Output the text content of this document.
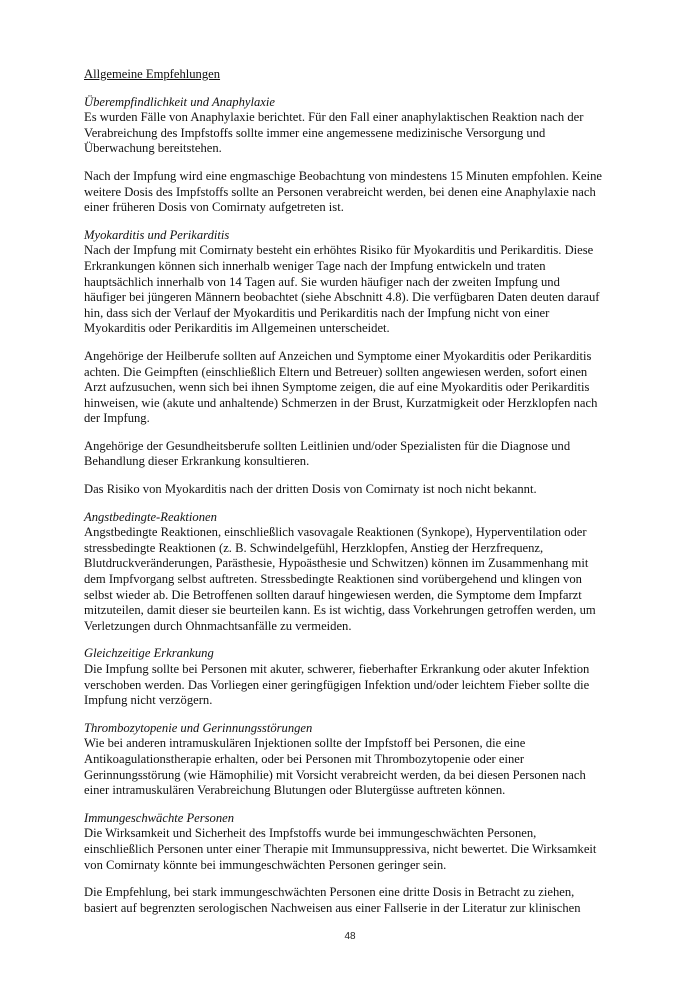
Allgemeine Empfehlungen
Überempfindlichkeit und Anaphylaxie
Es wurden Fälle von Anaphylaxie berichtet. Für den Fall einer anaphylaktischen Reaktion nach der
Verabreichung des Impfstoffs sollte immer eine angemessene medizinische Versorgung und
Überwachung bereitstehen.
Nach der Impfung wird eine engmaschige Beobachtung von mindestens 15 Minuten empfohlen. Keine
weitere Dosis des Impfstoffs sollte an Personen verabreicht werden, bei denen eine Anaphylaxie nach
einer früheren Dosis von Comirnaty aufgetreten ist.
Myokarditis und Perikarditis
Nach der Impfung mit Comirnaty besteht ein erhöhtes Risiko für Myokarditis und Perikarditis. Diese
Erkrankungen können sich innerhalb weniger Tage nach der Impfung entwickeln und traten
hauptsächlich innerhalb von 14 Tagen auf. Sie wurden häufiger nach der zweiten Impfung und
häufiger bei jüngeren Männern beobachtet (siehe Abschnitt 4.8). Die verfügbaren Daten deuten darauf
hin, dass sich der Verlauf der Myokarditis und Perikarditis nach der Impfung nicht von einer
Myokarditis oder Perikarditis im Allgemeinen unterscheidet.
Angehörige der Heilberufe sollten auf Anzeichen und Symptome einer Myokarditis oder Perikarditis
achten. Die Geimpften (einschließlich Eltern und Betreuer) sollten angewiesen werden, sofort einen
Arzt aufzusuchen, wenn sich bei ihnen Symptome zeigen, die auf eine Myokarditis oder Perikarditis
hinweisen, wie (akute und anhaltende) Schmerzen in der Brust, Kurzatmigkeit oder Herzklopfen nach
der Impfung.
Angehörige der Gesundheitsberufe sollten Leitlinien und/oder Spezialisten für die Diagnose und
Behandlung dieser Erkrankung konsultieren.
Das Risiko von Myokarditis nach der dritten Dosis von Comirnaty ist noch nicht bekannt.
Angstbedingte-Reaktionen
Angstbedingte Reaktionen, einschließlich vasovagale Reaktionen (Synkope), Hyperventilation oder
stressbedingte Reaktionen (z. B. Schwindelgefühl, Herzklopfen, Anstieg der Herzfrequenz,
Blutdruckveränderungen, Parästhesie, Hypoästhesie und Schwitzen) können im Zusammenhang mit
dem Impfvorgang selbst auftreten. Stressbedingte Reaktionen sind vorübergehend und klingen von
selbst wieder ab. Die Betroffenen sollten darauf hingewiesen werden, die Symptome dem Impfarzt
mitzuteilen, damit dieser sie beurteilen kann. Es ist wichtig, dass Vorkehrungen getroffen werden, um
Verletzungen durch Ohnmachtsanfälle zu vermeiden.
Gleichzeitige Erkrankung
Die Impfung sollte bei Personen mit akuter, schwerer, fieberhafter Erkrankung oder akuter Infektion
verschoben werden. Das Vorliegen einer geringfügigen Infektion und/oder leichtem Fieber sollte die
Impfung nicht verzögern.
Thrombozytopenie und Gerinnungsstörungen
Wie bei anderen intramuskulären Injektionen sollte der Impfstoff bei Personen, die eine
Antikoagulationstherapie erhalten, oder bei Personen mit Thrombozytopenie oder einer
Gerinnungsstörung (wie Hämophilie) mit Vorsicht verabreicht werden, da bei diesen Personen nach
einer intramuskulären Verabreichung Blutungen oder Blutergüsse auftreten können.
Immungeschwächte Personen
Die Wirksamkeit und Sicherheit des Impfstoffs wurde bei immungeschwächten Personen,
einschließlich Personen unter einer Therapie mit Immunsuppressiva, nicht bewertet. Die Wirksamkeit
von Comirnaty könnte bei immungeschwächten Personen geringer sein.
Die Empfehlung, bei stark immungeschwächten Personen eine dritte Dosis in Betracht zu ziehen,
basiert auf begrenzten serologischen Nachweisen aus einer Fallserie in der Literatur zur klinischen
48
